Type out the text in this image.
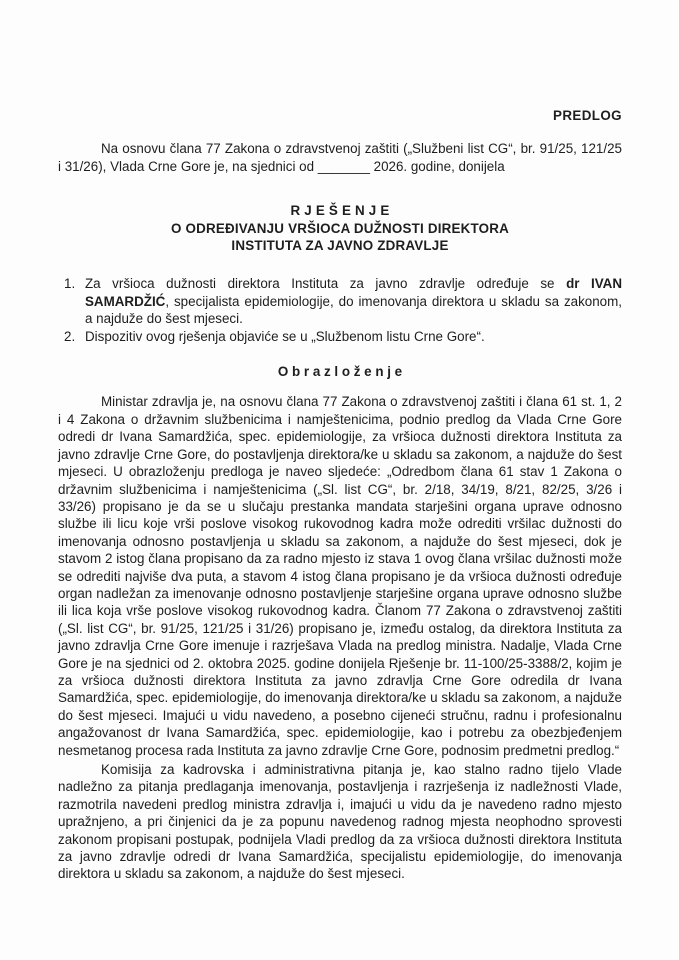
PREDLOG

Na osnovu člana 77 Zakona o zdravstvenoj zaštiti („Službeni list CG“, br. 91/25, 121/25 i 31/26), Vlada Crne Gore je, na sjednici od _______ 2026. godine, donijela

R J E Š E N J E
O ODREĐIVANJU VRŠIOCA DUŽNOSTI DIREKTORA
INSTITUTA ZA JAVNO ZDRAVLJE
1. Za vršioca dužnosti direktora Instituta za javno zdravlje određuje se dr IVAN SAMARDŽIĆ, specijalista epidemiologije, do imenovanja direktora u skladu sa zakonom, a najduže do šest mjeseci.
2. Dispozitiv ovog rješenja objaviće se u „Službenom listu Crne Gore“.
O b r a z l o ž e n j e

Ministar zdravlja je, na osnovu člana 77 Zakona o zdravstvenoj zaštiti i člana 61 st. 1, 2 i 4 Zakona o državnim službenicima i namještenicima, podnio predlog da Vlada Crne Gore odredi dr Ivana Samardžića, spec. epidemiologije, za vršioca dužnosti direktora Instituta za javno zdravlje Crne Gore, do postavljenja direktora/ke u skladu sa zakonom, a najduže do šest mjeseci. U obrazloženju predloga je naveo sljedeće: „Odredbom člana 61 stav 1 Zakona o državnim službenicima i namještenicima („Sl. list CG“, br. 2/18, 34/19, 8/21, 82/25, 3/26 i 33/26) propisano je da se u slučaju prestanka mandata starješini organa uprave odnosno službe ili licu koje vrši poslove visokog rukovodnog kadra može odrediti vršilac dužnosti do imenovanja odnosno postavljenja u skladu sa zakonom, a najduže do šest mjeseci, dok je stavom 2 istog člana propisano da za radno mjesto iz stava 1 ovog člana vršilac dužnosti može se odrediti najviše dva puta, a stavom 4 istog člana propisano je da vršioca dužnosti određuje organ nadležan za imenovanje odnosno postavljenje starješine organa uprave odnosno službe ili lica koja vrše poslove visokog rukovodnog kadra. Članom 77 Zakona o zdravstvenoj zaštiti („Sl. list CG“, br. 91/25, 121/25 i 31/26) propisano je, između ostalog, da direktora Instituta za javno zdravlja Crne Gore imenuje i razrješava Vlada na predlog ministra. Nadalje, Vlada Crne Gore je na sjednici od 2. oktobra 2025. godine donijela Rješenje br. 11-100/25-3388/2, kojim je za vršioca dužnosti direktora Instituta za javno zdravlja Crne Gore odredila dr Ivana Samardžića, spec. epidemiologije, do imenovanja direktora/ke u skladu sa zakonom, a najduže do šest mjeseci. Imajući u vidu navedeno, a posebno cijeneći stručnu, radnu i profesionalnu angažovanost dr Ivana Samardžića, spec. epidemiologije, kao i potrebu za obezbjeđenjem nesmetanog procesa rada Instituta za javno zdravlje Crne Gore, podnosim predmetni predlog.“

Komisija za kadrovska i administrativna pitanja je, kao stalno radno tijelo Vlade nadležno za pitanja predlaganja imenovanja, postavljenja i razrješenja iz nadležnosti Vlade, razmotrila navedeni predlog ministra zdravlja i, imajući u vidu da je navedeno radno mjesto upražnjeno, a pri činjenici da je za popunu navedenog radnog mjesta neophodno sprovesti zakonom propisani postupak, podnijela Vladi predlog da za vršioca dužnosti direktora Instituta za javno zdravlje odredi dr Ivana Samardžića, specijalistu epidemiologije, do imenovanja direktora u skladu sa zakonom, a najduže do šest mjeseci.
